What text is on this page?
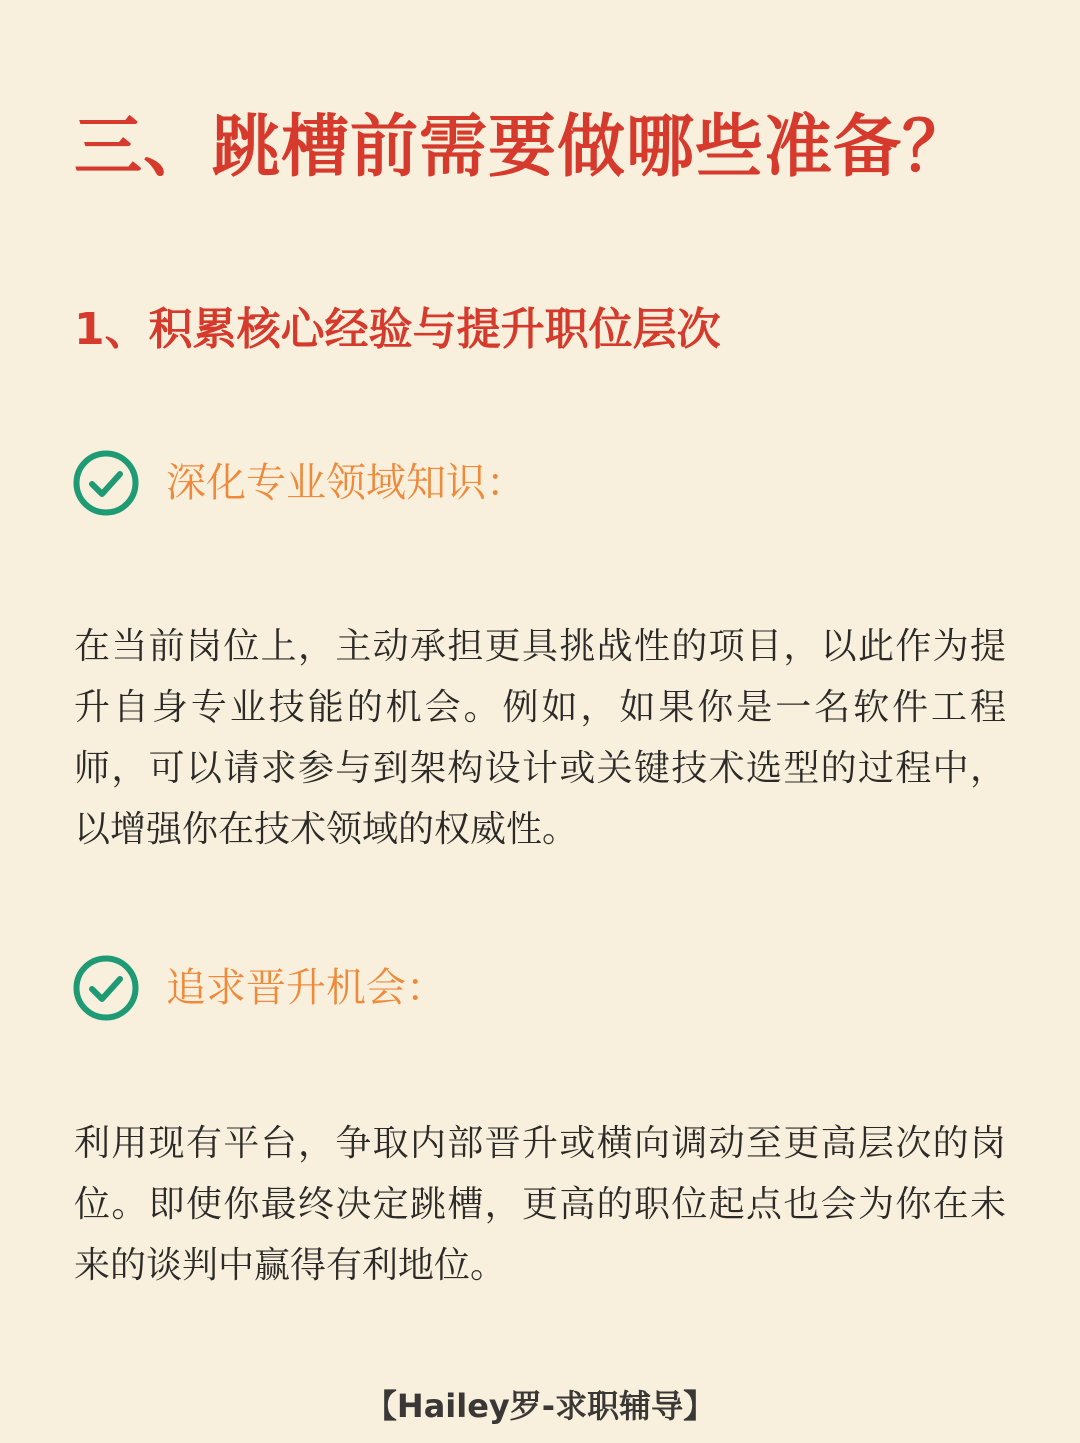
三、跳槽前需要做哪些准备？
1、积累核心经验与提升职位层次
深化专业领域知识：

在当前岗位上，主动承担更具挑战性的项目，以此作为提升自身专业技能的机会。例如，如果你是一名软件工程师，可以请求参与到架构设计或关键技术选型的过程中，以增强你在技术领域的权威性。

追求晋升机会：

利用现有平台，争取内部晋升或横向调动至更高层次的岗位。即使你最终决定跳槽，更高的职位起点也会为你在未来的谈判中赢得有利地位。

【Hailey罗-求职辅导】
